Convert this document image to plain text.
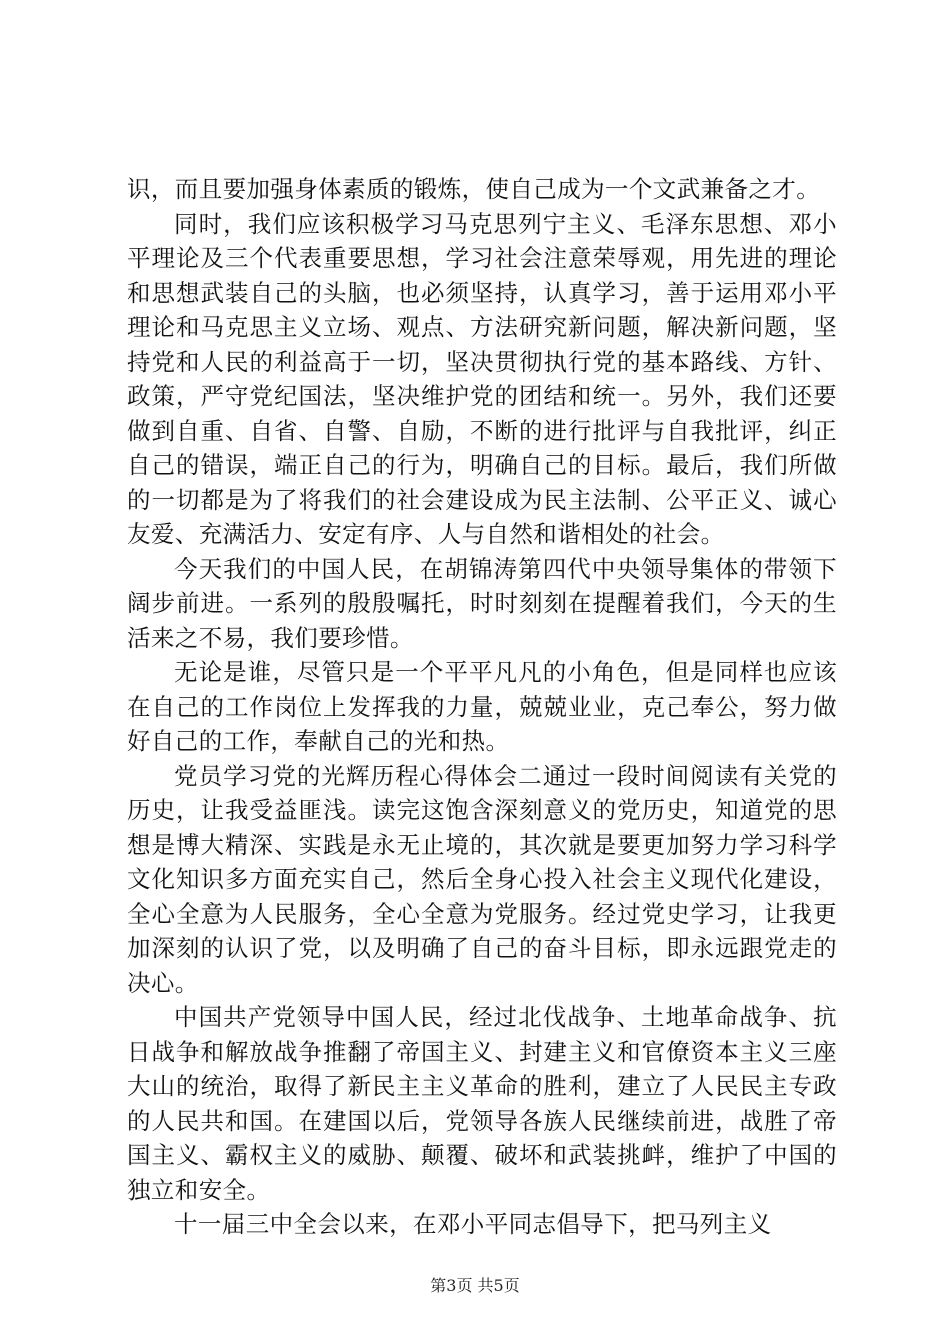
识，而且要加强身体素质的锻炼，使自己成为一个文武兼备之才。

同时，我们应该积极学习马克思列宁主义、毛泽东思想、邓小平理论及三个代表重要思想，学习社会注意荣辱观，用先进的理论和思想武装自己的头脑，也必须坚持，认真学习，善于运用邓小平理论和马克思主义立场、观点、方法研究新问题，解决新问题，坚持党和人民的利益高于一切，坚决贯彻执行党的基本路线、方针、政策，严守党纪国法，坚决维护党的团结和统一。另外，我们还要做到自重、自省、自警、自励，不断的进行批评与自我批评，纠正自己的错误，端正自己的行为，明确自己的目标。最后，我们所做的一切都是为了将我们的社会建设成为民主法制、公平正义、诚心友爱、充满活力、安定有序、人与自然和谐相处的社会。

今天我们的中国人民，在胡锦涛第四代中央领导集体的带领下阔步前进。一系列的殷殷嘱托，时时刻刻在提醒着我们，今天的生活来之不易，我们要珍惜。

无论是谁，尽管只是一个平平凡凡的小角色，但是同样也应该在自己的工作岗位上发挥我的力量，兢兢业业，克己奉公，努力做好自己的工作，奉献自己的光和热。

党员学习党的光辉历程心得体会二通过一段时间阅读有关党的历史，让我受益匪浅。读完这饱含深刻意义的党历史，知道党的思想是博大精深、实践是永无止境的，其次就是要更加努力学习科学文化知识多方面充实自己，然后全身心投入社会主义现代化建设，全心全意为人民服务，全心全意为党服务。经过党史学习，让我更加深刻的认识了党，以及明确了自己的奋斗目标，即永远跟党走的决心。

中国共产党领导中国人民，经过北伐战争、土地革命战争、抗日战争和解放战争推翻了帝国主义、封建主义和官僚资本主义三座大山的统治，取得了新民主主义革命的胜利，建立了人民民主专政的人民共和国。在建国以后，党领导各族人民继续前进，战胜了帝国主义、霸权主义的威胁、颠覆、破坏和武装挑衅，维护了中国的独立和安全。

十一届三中全会以来，在邓小平同志倡导下，把马列主义

第3页 共5页
